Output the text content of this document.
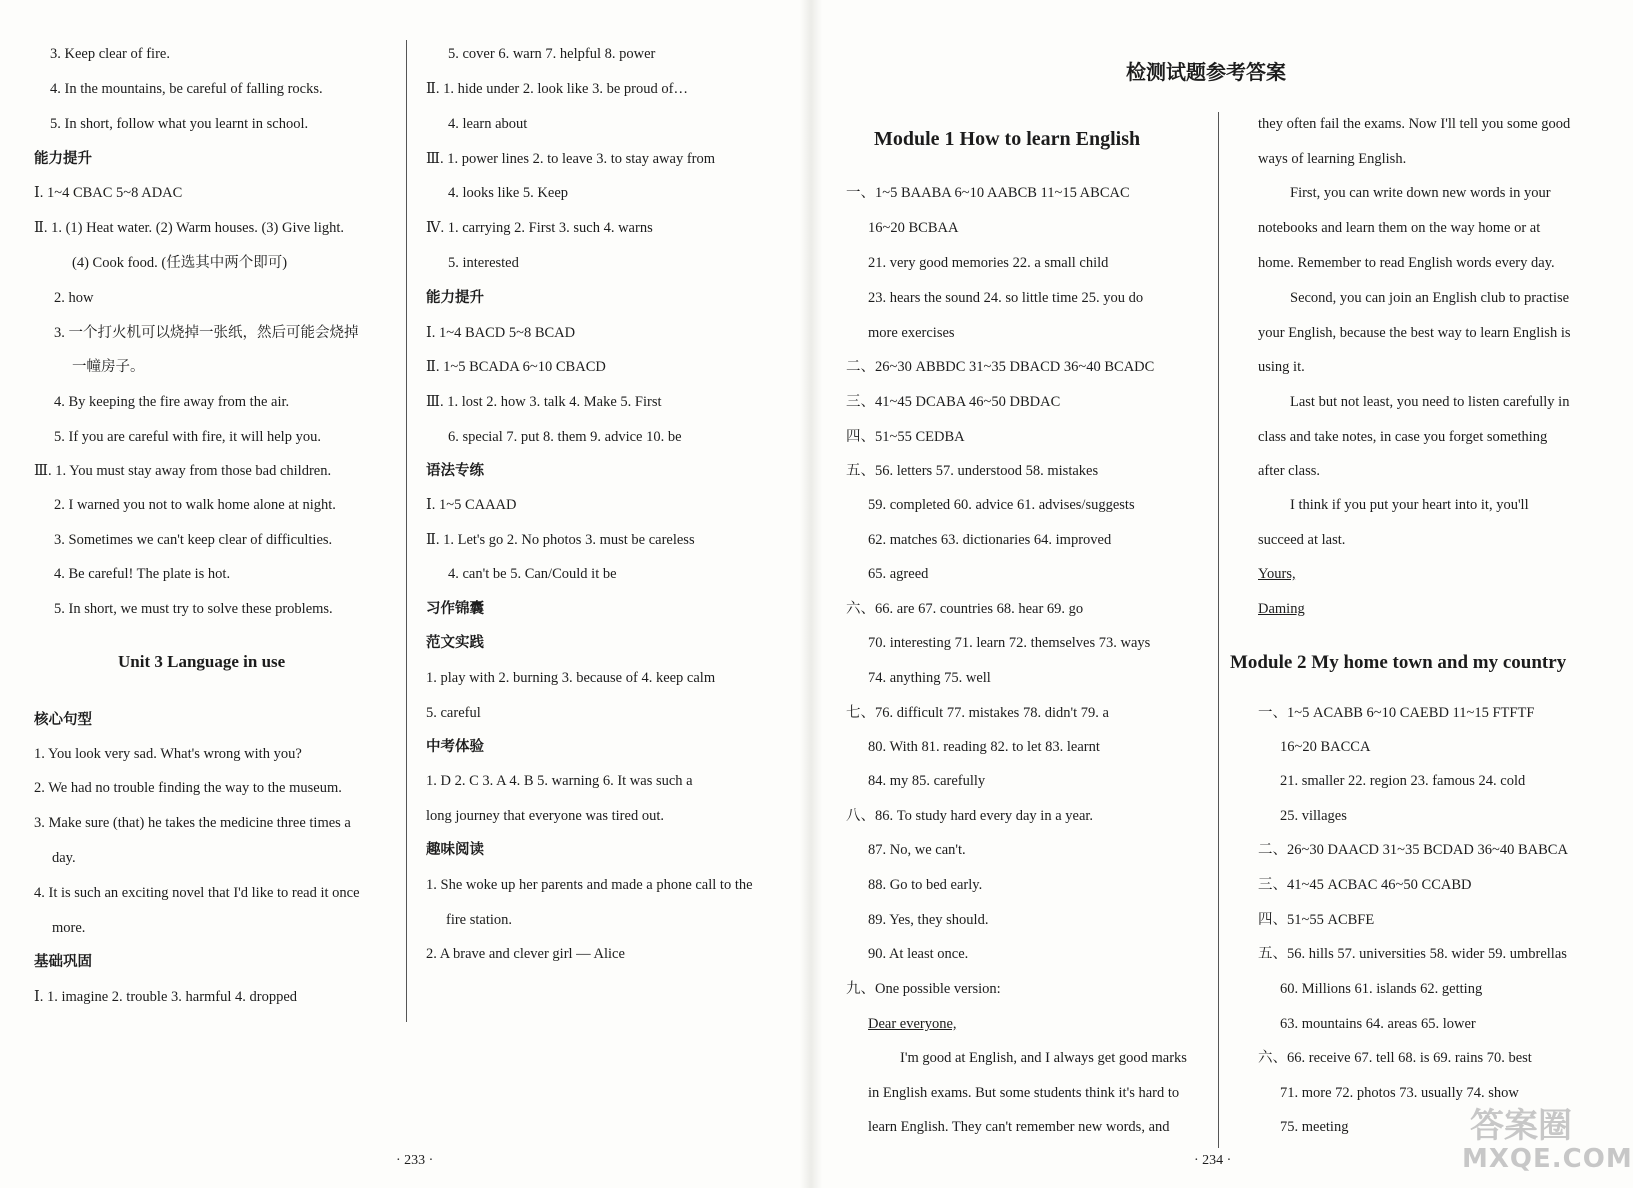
3. Keep clear of fire.
4. In the mountains, be careful of falling rocks.
5. In short, follow what you learnt in school.
能力提升
Ⅰ. 1~4 CBAC 5~8 ADAC
Ⅱ. 1. (1) Heat water. (2) Warm houses. (3) Give light.
(4) Cook food. (任选其中两个即可)
2. how
3. 一个打火机可以烧掉一张纸，然后可能会烧掉
一幢房子。
4. By keeping the fire away from the air.
5. If you are careful with fire, it will help you.
Ⅲ. 1. You must stay away from those bad children.
2. I warned you not to walk home alone at night.
3. Sometimes we can't keep clear of difficulties.
4. Be careful! The plate is hot.
5. In short, we must try to solve these problems.
核心句型
1. You look very sad. What's wrong with you?
2. We had no trouble finding the way to the museum.
3. Make sure (that) he takes the medicine three times a
day.
4. It is such an exciting novel that I'd like to read it once
more.
基础巩固
Ⅰ. 1. imagine 2. trouble 3. harmful 4. dropped
Unit 3 Language in use
5. cover 6. warn 7. helpful 8. power
Ⅱ. 1. hide under 2. look like 3. be proud of…
4. learn about
Ⅲ. 1. power lines 2. to leave 3. to stay away from
4. looks like 5. Keep
Ⅳ. 1. carrying 2. First 3. such 4. warns
5. interested
能力提升
Ⅰ. 1~4 BACD 5~8 BCAD
Ⅱ. 1~5 BCADA 6~10 CBACD
Ⅲ. 1. lost 2. how 3. talk 4. Make 5. First
6. special 7. put 8. them 9. advice 10. be
语法专练
Ⅰ. 1~5 CAAAD
Ⅱ. 1. Let's go 2. No photos 3. must be careless
4. can't be 5. Can/Could it be
习作锦囊
范文实践
1. play with 2. burning 3. because of 4. keep calm
5. careful
中考体验
1. D 2. C 3. A 4. B 5. warning 6. It was such a
long journey that everyone was tired out.
趣味阅读
1. She woke up her parents and made a phone call to the
fire station.
2. A brave and clever girl — Alice
· 233 ·
检测试题参考答案
Module 1 How to learn English
一、1~5 BAABA 6~10 AABCB 11~15 ABCAC
16~20 BCBAA
21. very good memories 22. a small child
23. hears the sound 24. so little time 25. you do
more exercises
二、26~30 ABBDC 31~35 DBACD 36~40 BCADC
三、41~45 DCABA 46~50 DBDAC
四、51~55 CEDBA
五、56. letters 57. understood 58. mistakes
59. completed 60. advice 61. advises/suggests
62. matches 63. dictionaries 64. improved
65. agreed
六、66. are 67. countries 68. hear 69. go
70. interesting 71. learn 72. themselves 73. ways
74. anything 75. well
七、76. difficult 77. mistakes 78. didn't 79. a
80. With 81. reading 82. to let 83. learnt
84. my 85. carefully
八、86. To study hard every day in a year.
87. No, we can't.
88. Go to bed early.
89. Yes, they should.
90. At least once.
九、One possible version:
Dear everyone,
I'm good at English, and I always get good marks
in English exams. But some students think it's hard to
learn English. They can't remember new words, and
they often fail the exams. Now I'll tell you some good
ways of learning English.
First, you can write down new words in your
notebooks and learn them on the way home or at
home. Remember to read English words every day.
Second, you can join an English club to practise
your English, because the best way to learn English is
using it.
Last but not least, you need to listen carefully in
class and take notes, in case you forget something
after class.
I think if you put your heart into it, you'll
succeed at last.
Yours,
Daming
一、1~5 ACABB 6~10 CAEBD 11~15 FTFTF
16~20 BACCA
21. smaller 22. region 23. famous 24. cold
25. villages
二、26~30 DAACD 31~35 BCDAD 36~40 BABCA
三、41~45 ACBAC 46~50 CCABD
四、51~55 ACBFE
五、56. hills 57. universities 58. wider 59. umbrellas
60. Millions 61. islands 62. getting
63. mountains 64. areas 65. lower
六、66. receive 67. tell 68. is 69. rains 70. best
71. more 72. photos 73. usually 74. show
75. meeting
Module 2 My home town and my country
· 234 ·
答案圈
MXQE.COM
